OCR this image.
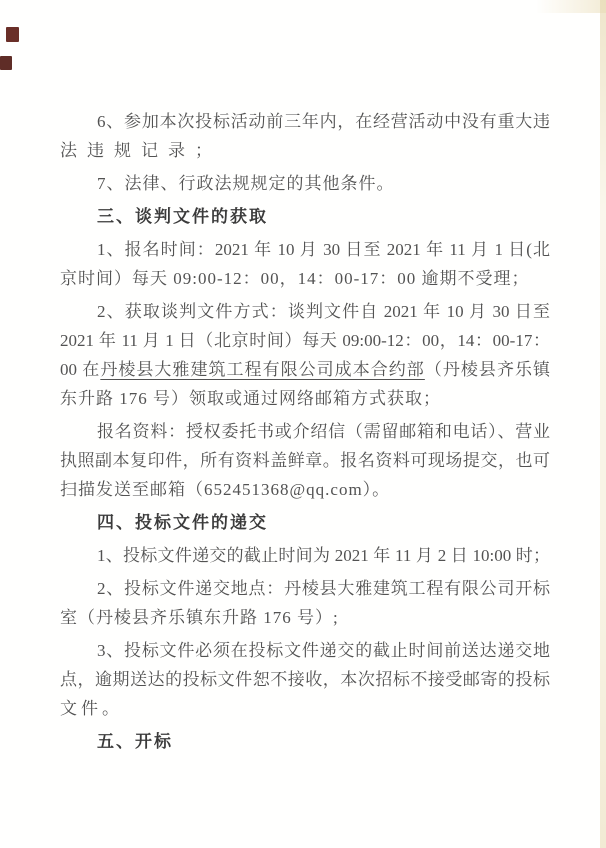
6、参加本次投标活动前三年内，在经营活动中没有重大违
法违规记录；
7、法律、行政法规规定的其他条件。
三、谈判文件的获取
1、报名时间：2021 年 10 月 30 日至 2021 年 11 月 1 日(北
京时间）每天 09:00-12：00，14：00-17：00 逾期不受理；
2、获取谈判文件方式：谈判文件自 2021 年 10 月 30 日至
2021 年 11 月 1 日（北京时间）每天 09:00-12：00，14：00-17：
00 在丹棱县大雅建筑工程有限公司成本合约部（丹棱县齐乐镇
东升路 176 号）领取或通过网络邮箱方式获取；
报名资料：授权委托书或介绍信（需留邮箱和电话）、营业
执照副本复印件，所有资料盖鲜章。报名资料可现场提交，也可
扫描发送至邮箱（652451368@qq.com）。
四、投标文件的递交
1、投标文件递交的截止时间为 2021 年 11 月 2 日 10:00 时；
2、投标文件递交地点：丹棱县大雅建筑工程有限公司开标
室（丹棱县齐乐镇东升路 176 号）;
3、投标文件必须在投标文件递交的截止时间前送达递交地
点，逾期送达的投标文件恕不接收，本次招标不接受邮寄的投标
文件。
五、开标
